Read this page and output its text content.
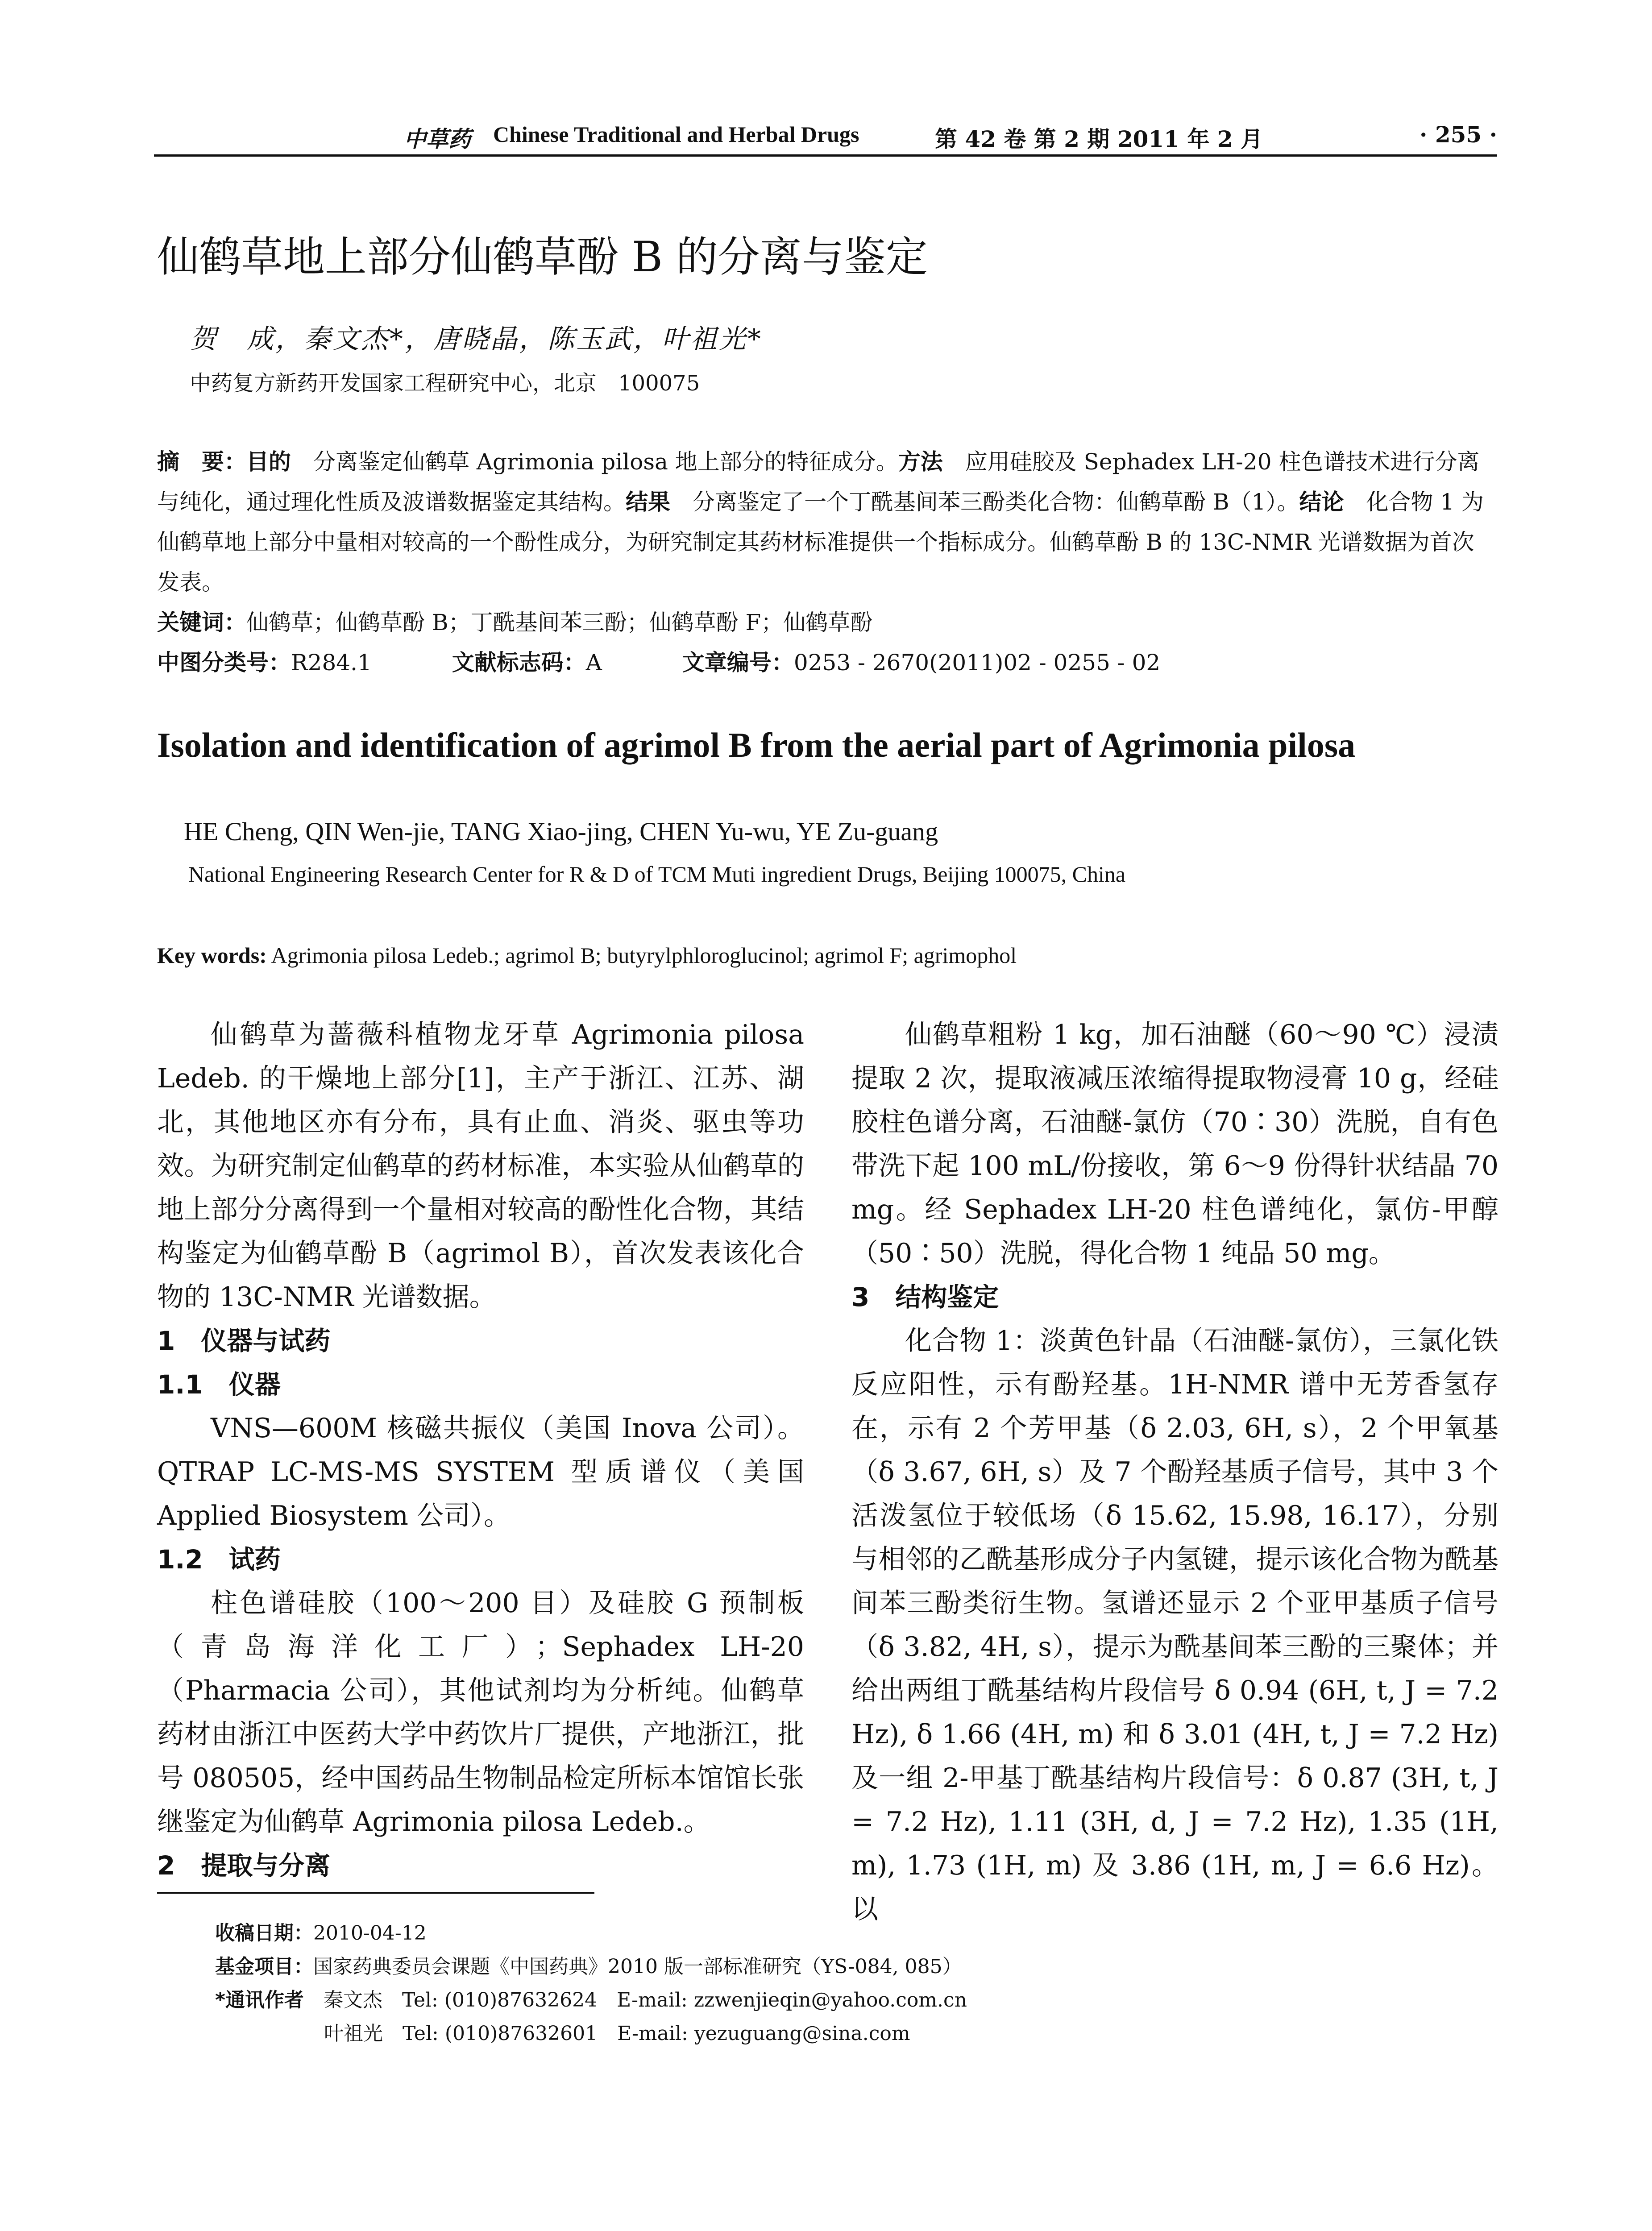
中草药 Chinese Traditional and Herbal Drugs	第 42 卷 第 2 期 2011 年 2 月	· 255 ·
仙鹤草地上部分仙鹤草酚 B 的分离与鉴定
贺　成，秦文杰*，唐晓晶，陈玉武，叶祖光*
中药复方新药开发国家工程研究中心，北京　100075
摘　要：目的　分离鉴定仙鹤草 Agrimonia pilosa 地上部分的特征成分。方法　应用硅胶及 Sephadex LH-20 柱色谱技术进行分离与纯化，通过理化性质及波谱数据鉴定其结构。结果　分离鉴定了一个丁酰基间苯三酚类化合物：仙鹤草酚 B（1）。结论　化合物 1 为仙鹤草地上部分中量相对较高的一个酚性成分，为研究制定其药材标准提供一个指标成分。仙鹤草酚 B 的 13C-NMR 光谱数据为首次发表。
关键词：仙鹤草；仙鹤草酚 B；丁酰基间苯三酚；仙鹤草酚 F；仙鹤草酚
中图分类号：R284.1	文献标志码：A	文章编号：0253 - 2670(2011)02 - 0255 - 02
Isolation and identification of agrimol B from the aerial part of Agrimonia pilosa
HE Cheng, QIN Wen-jie, TANG Xiao-jing, CHEN Yu-wu, YE Zu-guang
National Engineering Research Center for R & D of TCM Muti ingredient Drugs, Beijing 100075, China
Key words: Agrimonia pilosa Ledeb.; agrimol B; butyrylphloroglucinol; agrimol F; agrimophol

仙鹤草为蔷薇科植物龙牙草 Agrimonia pilosa Ledeb. 的干燥地上部分[1]，主产于浙江、江苏、湖北，其他地区亦有分布，具有止血、消炎、驱虫等功效。为研究制定仙鹤草的药材标准，本实验从仙鹤草的地上部分分离得到一个量相对较高的酚性化合物，其结构鉴定为仙鹤草酚 B（agrimol B），首次发表该化合物的 13C-NMR 光谱数据。

1　仪器与试药

1.1　仪器

VNS—600M 核磁共振仪（美国 Inova 公司）。QTRAP LC-MS-MS SYSTEM 型质谱仪（美国 Applied Biosystem 公司）。

1.2　试药

柱色谱硅胶（100～200 目）及硅胶 G 预制板（青岛海洋化工厂）；Sephadex LH-20（Pharmacia 公司），其他试剂均为分析纯。仙鹤草药材由浙江中医药大学中药饮片厂提供，产地浙江，批号 080505，经中国药品生物制品检定所标本馆馆长张继鉴定为仙鹤草 Agrimonia pilosa Ledeb.。

2　提取与分离

仙鹤草粗粉 1 kg，加石油醚（60～90 ℃）浸渍提取 2 次，提取液减压浓缩得提取物浸膏 10 g，经硅胶柱色谱分离，石油醚-氯仿（70∶30）洗脱，自有色带洗下起 100 mL/份接收，第 6～9 份得针状结晶 70 mg。经 Sephadex LH-20 柱色谱纯化，氯仿-甲醇（50∶50）洗脱，得化合物 1 纯品 50 mg。

3　结构鉴定

化合物 1：淡黄色针晶（石油醚-氯仿），三氯化铁反应阳性，示有酚羟基。1H-NMR 谱中无芳香氢存在，示有 2 个芳甲基（δ 2.03, 6H, s），2 个甲氧基（δ 3.67, 6H, s）及 7 个酚羟基质子信号，其中 3 个活泼氢位于较低场（δ 15.62, 15.98, 16.17），分别与相邻的乙酰基形成分子内氢键，提示该化合物为酰基间苯三酚类衍生物。氢谱还显示 2 个亚甲基质子信号（δ 3.82, 4H, s），提示为酰基间苯三酚的三聚体；并给出两组丁酰基结构片段信号 δ 0.94 (6H, t, J = 7.2 Hz), δ 1.66 (4H, m) 和 δ 3.01 (4H, t, J = 7.2 Hz) 及一组 2-甲基丁酰基结构片段信号：δ 0.87 (3H, t, J = 7.2 Hz), 1.11 (3H, d, J = 7.2 Hz), 1.35 (1H, m), 1.73 (1H, m) 及 3.86 (1H, m, J = 6.6 Hz)。以

收稿日期：2010-04-12
基金项目：国家药典委员会课题《中国药典》2010 版一部标准研究（YS-084, 085）
*通讯作者　秦文杰　Tel: (010)87632624　E-mail: zzwenjieqin@yahoo.com.cn
叶祖光　Tel: (010)87632601　E-mail: yezuguang@sina.com
